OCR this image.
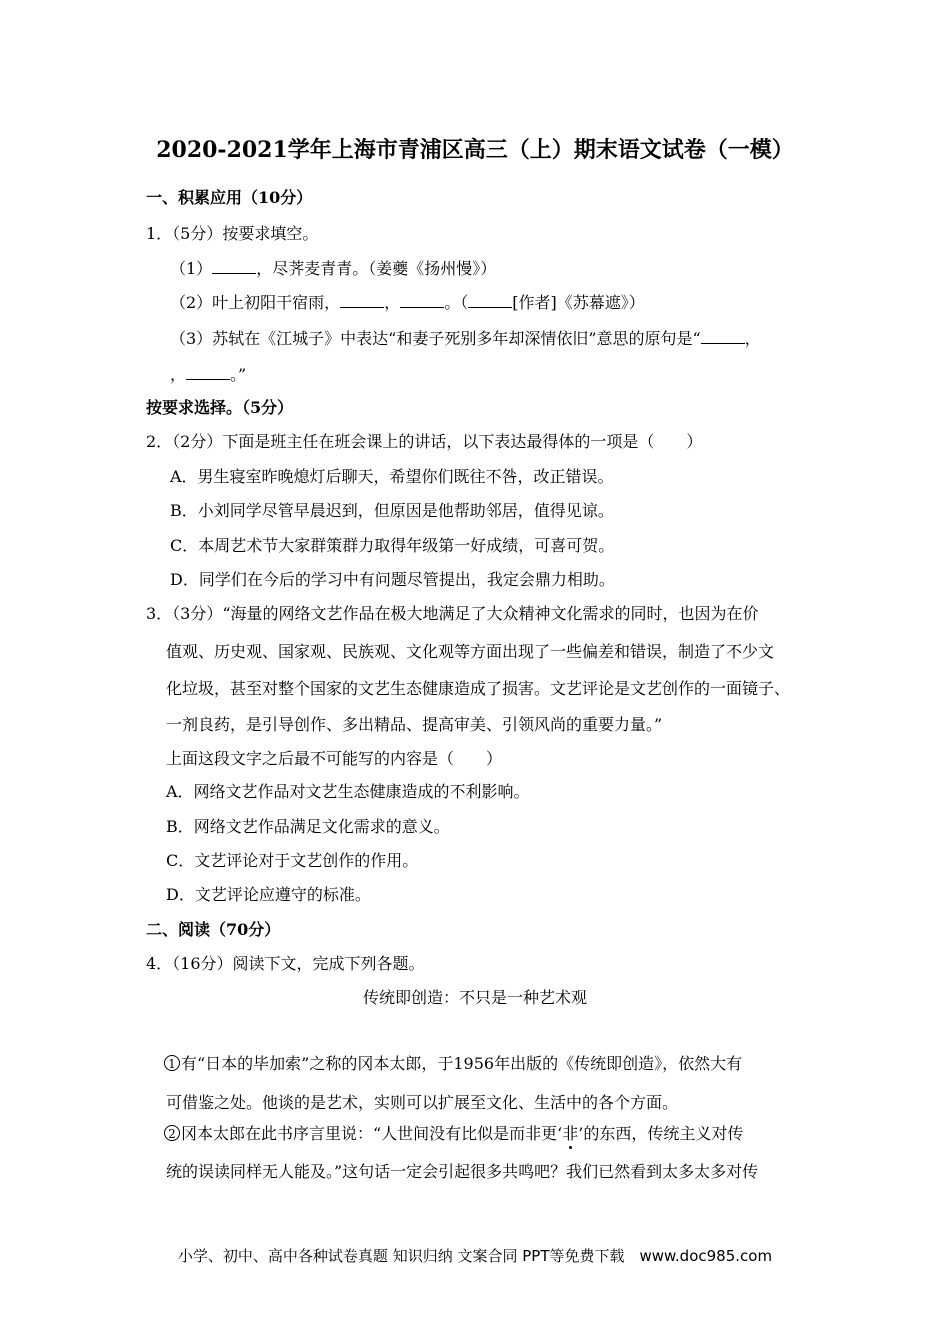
2020-2021学年上海市青浦区高三（上）期末语文试卷（一模）
一、积累应用（10分）
1．（5分）按要求填空。
（1）	，尽荠麦青青。（姜夔《扬州慢》）
（2）叶上初阳干宿雨，	，	。（	[作者]《苏幕遮》）
（3）苏轼在《江城子》中表达“和妻子死别多年却深情依旧”意思的原句是“	，
，	。”
按要求选择。（5分）
2．（2分）下面是班主任在班会课上的讲话，以下表达最得体的一项是（　　）
A．男生寝室昨晚熄灯后聊天，希望你们既往不咎，改正错误。
B．小刘同学尽管早晨迟到，但原因是他帮助邻居，值得见谅。
C．本周艺术节大家群策群力取得年级第一好成绩，可喜可贺。
D．同学们在今后的学习中有问题尽管提出，我定会鼎力相助。
3．（3分）“海量的网络文艺作品在极大地满足了大众精神文化需求的同时，也因为在价
值观、历史观、国家观、民族观、文化观等方面出现了一些偏差和错误，制造了不少文
化垃圾，甚至对整个国家的文艺生态健康造成了损害。文艺评论是文艺创作的一面镜子、
一剂良药，是引导创作、多出精品、提高审美、引领风尚的重要力量。”
上面这段文字之后最不可能写的内容是（　　）
A．网络文艺作品对文艺生态健康造成的不利影响。
B．网络文艺作品满足文化需求的意义。
C．文艺评论对于文艺创作的作用。
D．文艺评论应遵守的标准。
二、阅读（70分）
4．（16分）阅读下文，完成下列各题。
传统即创造：不只是一种艺术观
1 有“日本的毕加索”之称的冈本太郎，于1956年出版的《传统即创造》，依然大有
可借鉴之处。他谈的是艺术，实则可以扩展至文化、生活中的各个方面。
2 冈本太郎在此书序言里说：“人世间没有比似是而非更‘非’的东西，传统主义对传
统的误读同样无人能及。”这句话一定会引起很多共鸣吧？我们已然看到太多太多对传
小学、初中、高中各种试卷真题 知识归纳 文案合同 PPT等免费下载　www.doc985.com
